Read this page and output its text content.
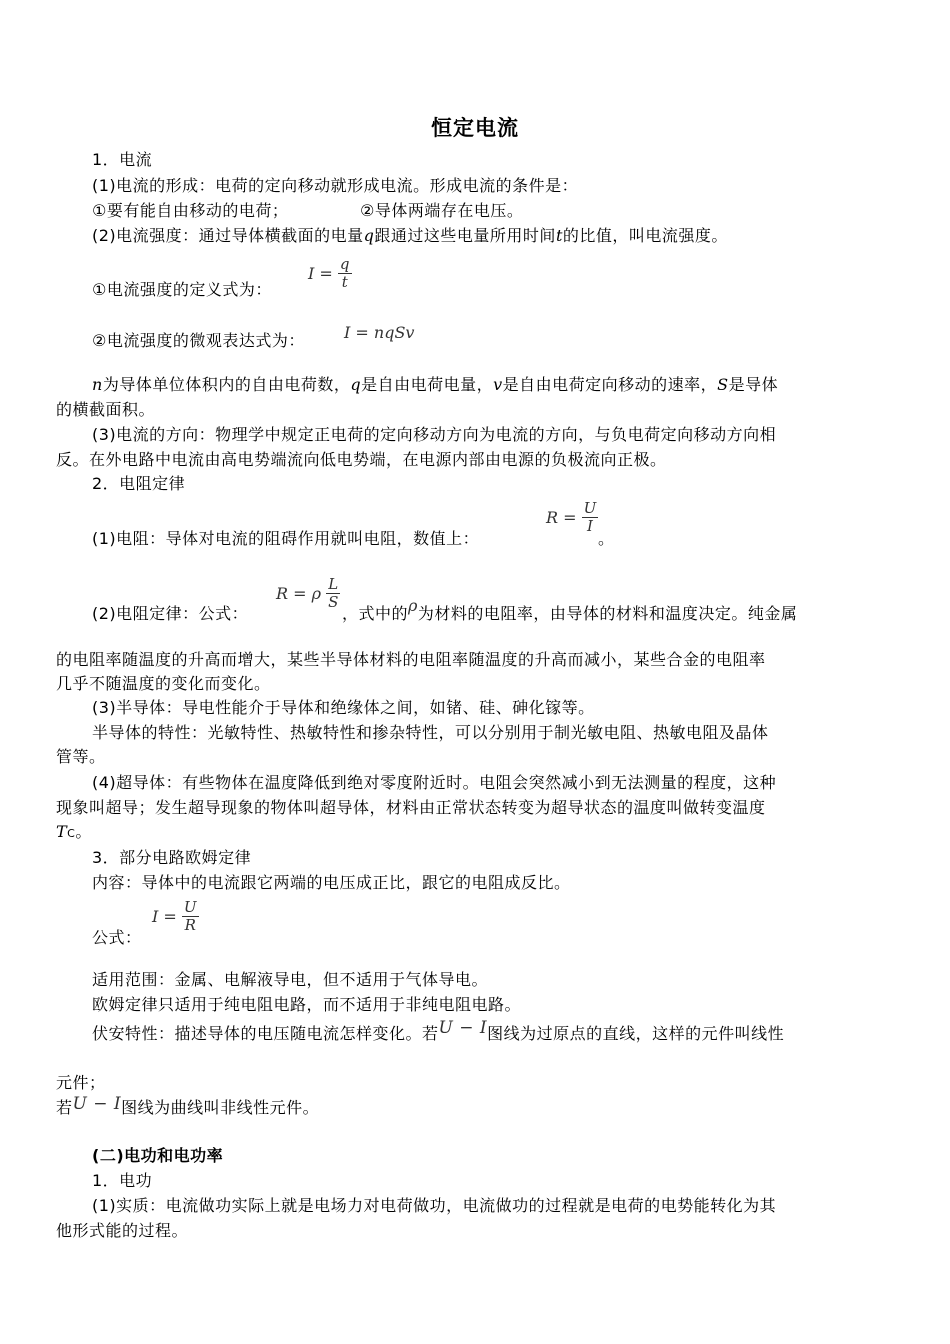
恒定电流
1．电流
(1)电流的形成：电荷的定向移动就形成电流。形成电流的条件是：
①要有能自由移动的电荷；	②导体两端存在电压。
(2)电流强度：通过导体横截面的电量q跟通过这些电量所用时间t的比值，叫电流强度。
$I = \frac{q}{t}$
①电流强度的定义式为：
②电流强度的微观表达式为： I = nqSv
n为导体单位体积内的自由电荷数，q是自由电荷电量，v是自由电荷定向移动的速率，S是导体
的横截面积。
(3)电流的方向：物理学中规定正电荷的定向移动方向为电流的方向，与负电荷定向移动方向相
反。在外电路中电流由高电势端流向低电势端，在电源内部由电源的负极流向正极。
2．电阻定律
(1)电阻：导体对电流的阻碍作用就叫电阻，数值上：
$R = \frac{U}{I}$
。
R = ρ $\frac{L}{S}$
(2)电阻定律：公式：	，式中的ρ为材料的电阻率，由导体的材料和温度决定。纯金属
的电阻率随温度的升高而增大，某些半导体材料的电阻率随温度的升高而减小，某些合金的电阻率
几乎不随温度的变化而变化。
(3)半导体：导电性能介于导体和绝缘体之间，如锗、硅、砷化镓等。
半导体的特性：光敏特性、热敏特性和掺杂特性，可以分别用于制光敏电阻、热敏电阻及晶体
管等。
(4)超导体：有些物体在温度降低到绝对零度附近时。电阻会突然减小到无法测量的程度，这种
现象叫超导；发生超导现象的物体叫超导体，材料由正常状态转变为超导状态的温度叫做转变温度
TC。
3．部分电路欧姆定律
内容：导体中的电流跟它两端的电压成正比，跟它的电阻成反比。
$I = \frac{U}{R}$
公式：
适用范围：金属、电解液导电，但不适用于气体导电。
欧姆定律只适用于纯电阻电路，而不适用于非纯电阻电路。
伏安特性：描述导体的电压随电流怎样变化。若U − I图线为过原点的直线，这样的元件叫线性
元件；
若U − I图线为曲线叫非线性元件。
(二)电功和电功率
1．电功
(1)实质：电流做功实际上就是电场力对电荷做功，电流做功的过程就是电荷的电势能转化为其
他形式能的过程。
